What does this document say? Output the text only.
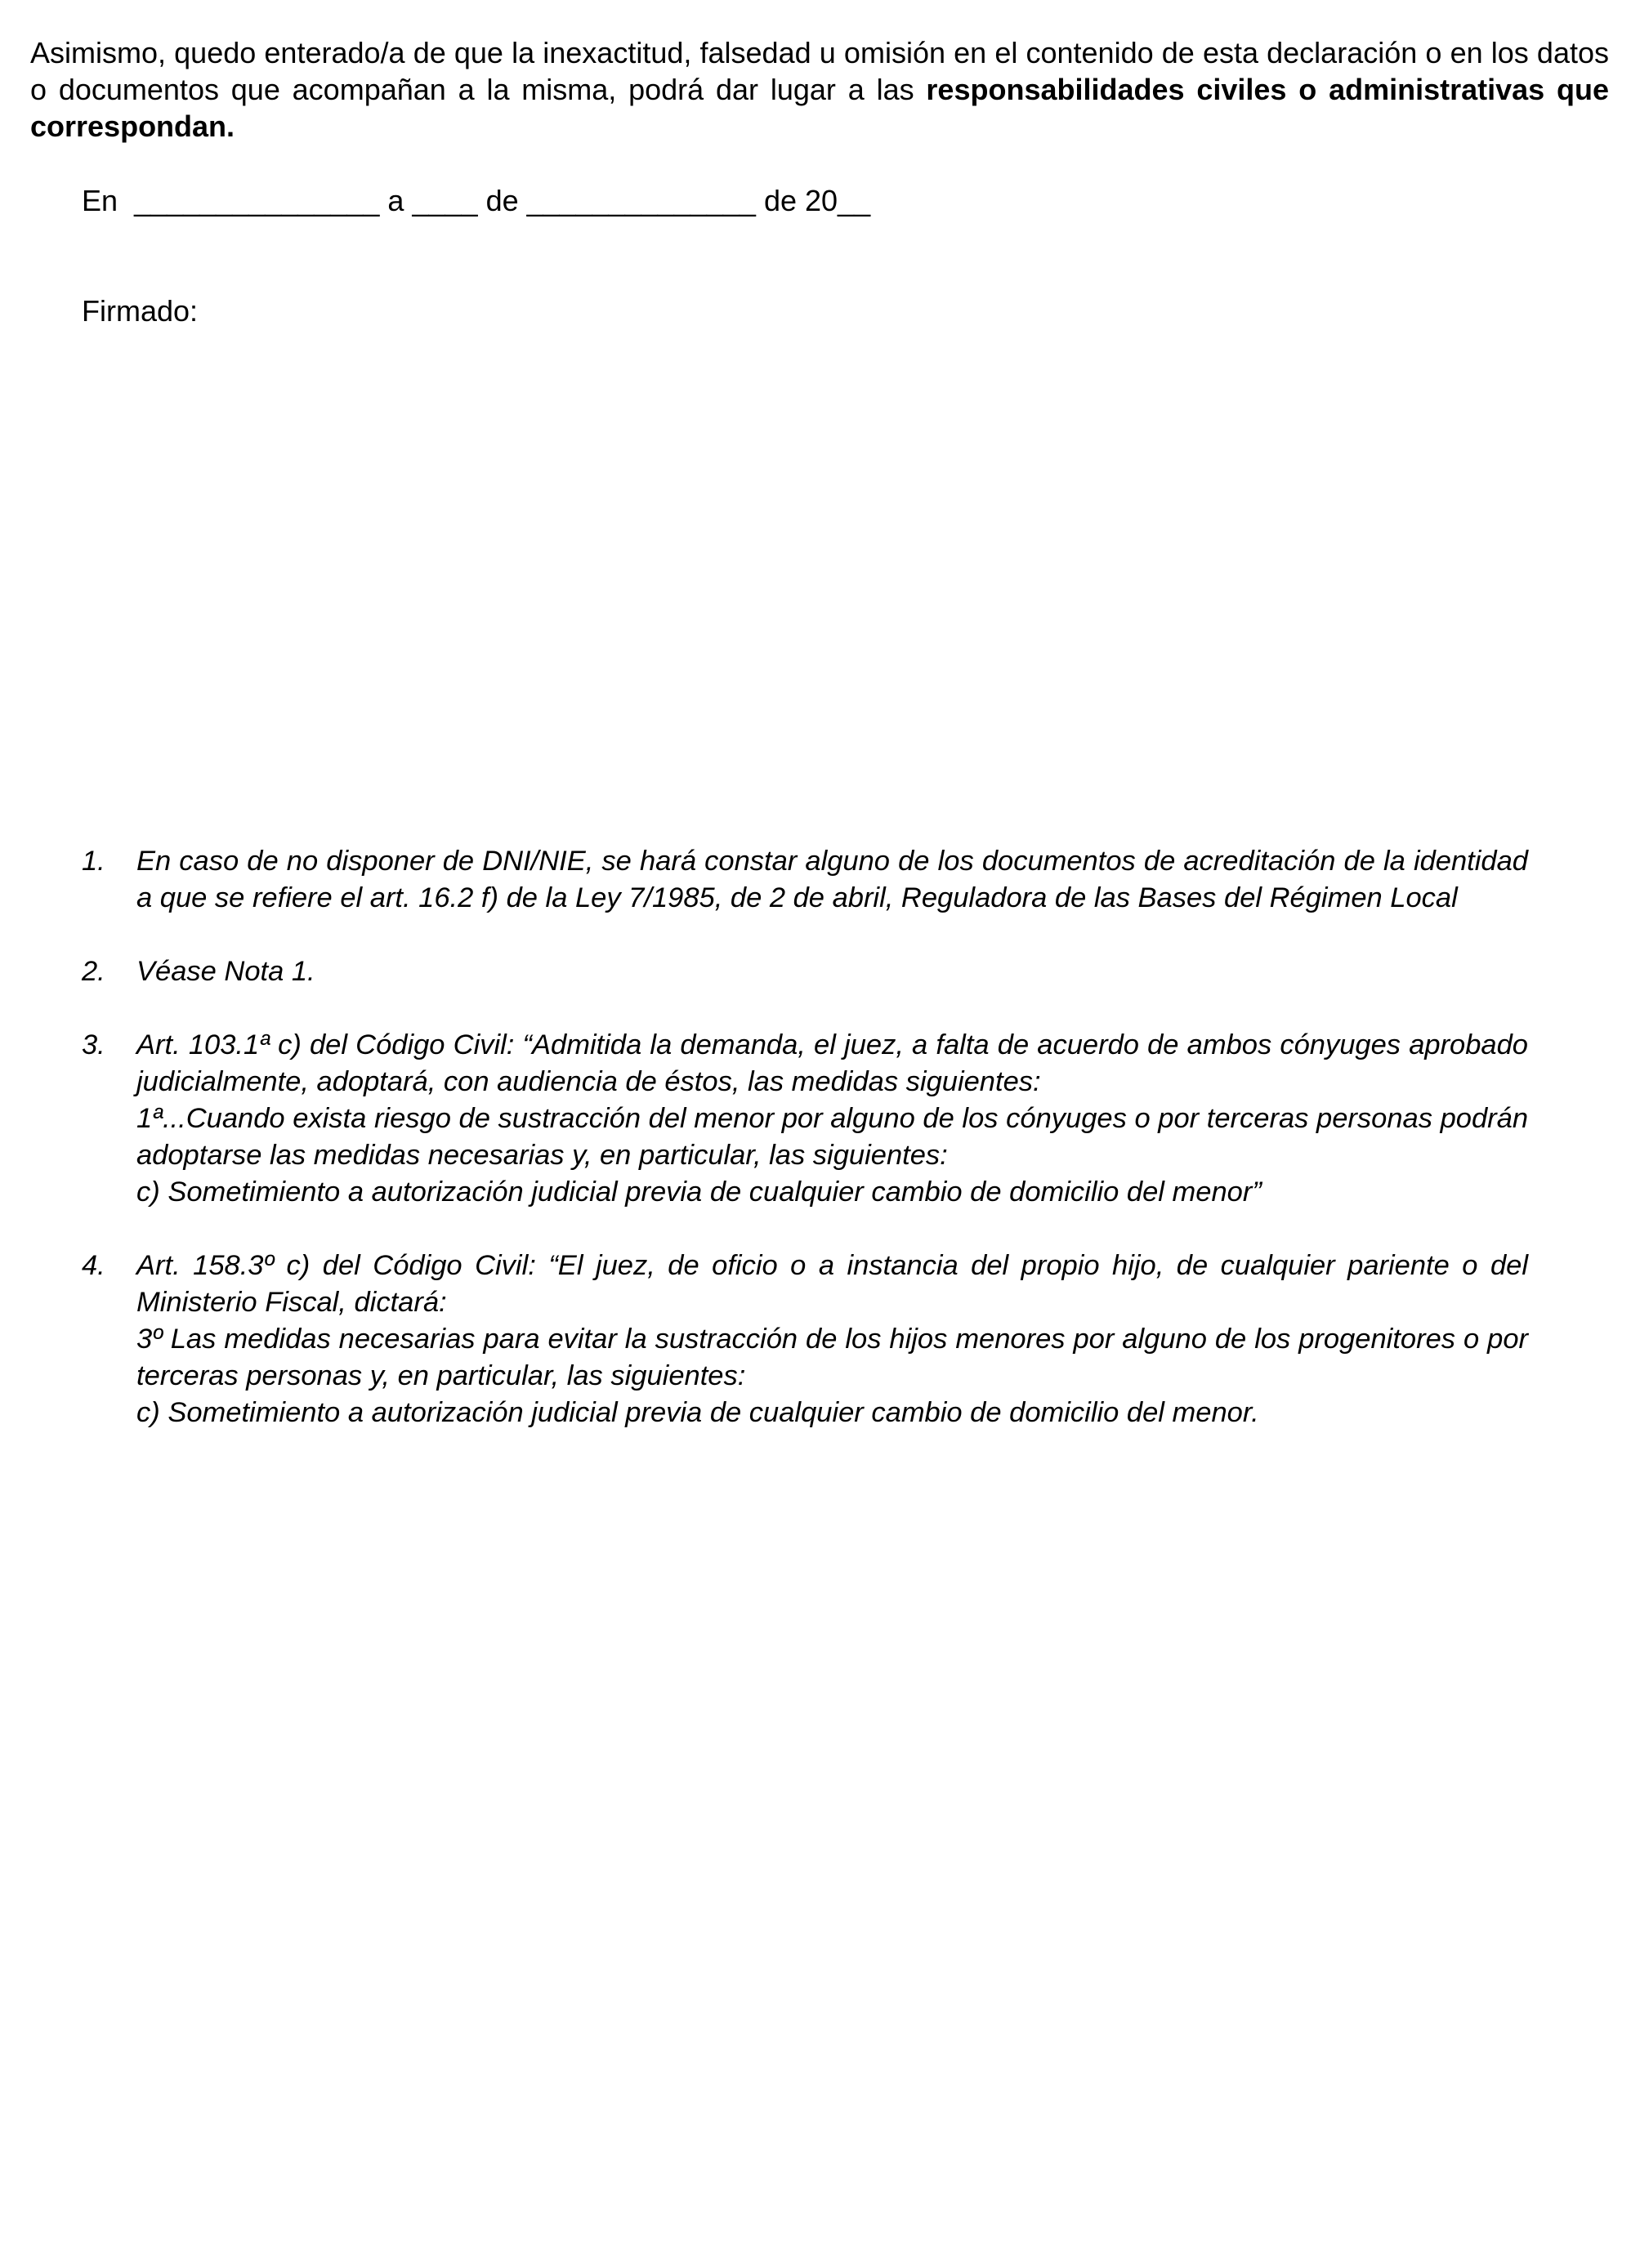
Asimismo, quedo enterado/a de que la inexactitud, falsedad u omisión en el contenido de esta declaración o en los datos o documentos que acompañan a la misma, podrá dar lugar a las responsabilidades civiles o administrativas que correspondan.

En _______________ a ____ de ______________ de 20__
Firmado:
1.	En caso de no disponer de DNI/NIE, se hará constar alguno de los documentos de acreditación de la identidad a que se refiere el art. 16.2 f) de la Ley 7/1985, de 2 de abril, Reguladora de las Bases del Régimen Local
2.	Véase Nota 1.
3.	Art. 103.1ª c) del Código Civil: “Admitida la demanda, el juez, a falta de acuerdo de ambos cónyuges aprobado judicialmente, adoptará, con audiencia de éstos, las medidas siguientes:
1ª...Cuando exista riesgo de sustracción del menor por alguno de los cónyuges o por terceras personas podrán adoptarse las medidas necesarias y, en particular, las siguientes:
c) Sometimiento a autorización judicial previa de cualquier cambio de domicilio del menor”
4.	Art. 158.3º c) del Código Civil: “El juez, de oficio o a instancia del propio hijo, de cualquier pariente o del Ministerio Fiscal, dictará:
3º Las medidas necesarias para evitar la sustracción de los hijos menores por alguno de los progenitores o por terceras personas y, en particular, las siguientes:
c) Sometimiento a autorización judicial previa de cualquier cambio de domicilio del menor.
